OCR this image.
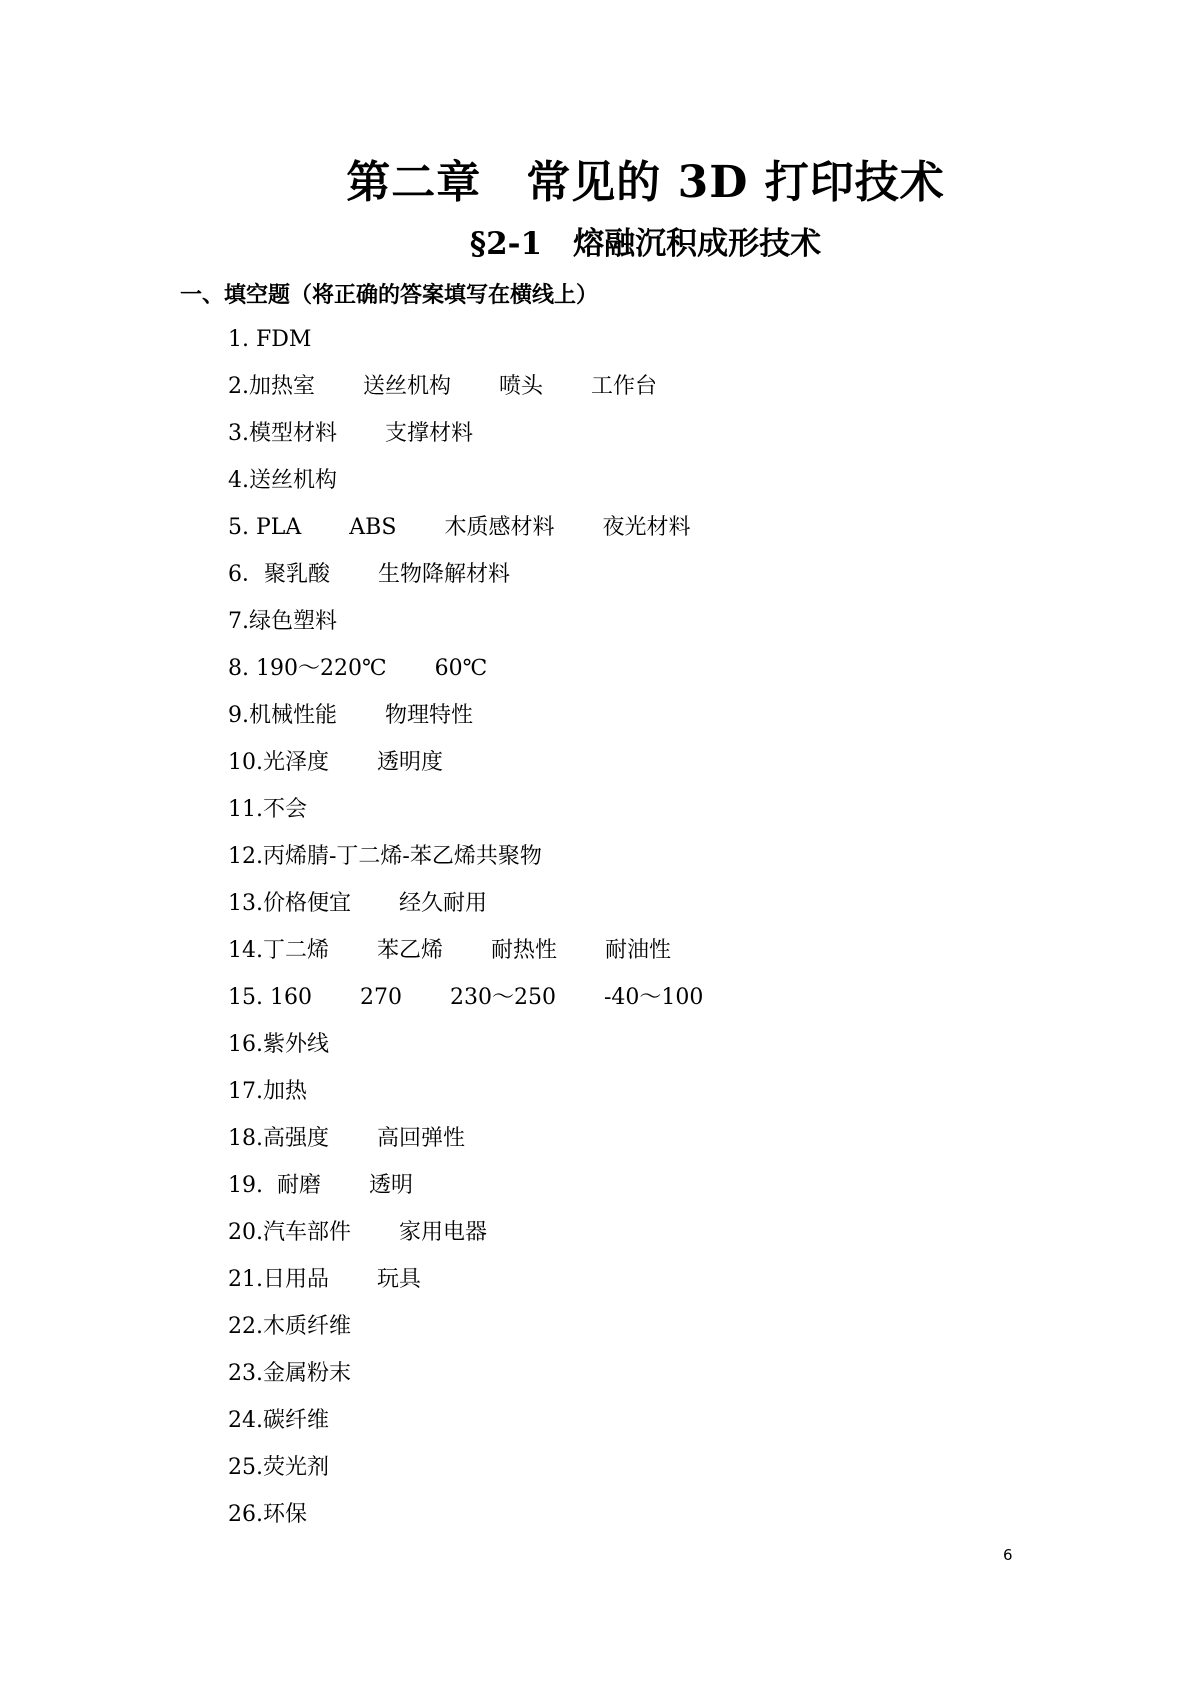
第二章　常见的 3D 打印技术
§2-1　熔融沉积成形技术
一、填空题（将正确的答案填写在横线上）
1. FDM
2.加热室 送丝机构 喷头 工作台
3.模型材料 支撑材料
4.送丝机构
5. PLA ABS 木质感材料 夜光材料
6．聚乳酸 生物降解材料
7.绿色塑料
8. 190～220℃ 60℃
9.机械性能 物理特性
10.光泽度 透明度
11.不会
12.丙烯腈-丁二烯-苯乙烯共聚物
13.价格便宜 经久耐用
14.丁二烯 苯乙烯 耐热性 耐油性
15. 160 270 230～250 -40～100
16.紫外线
17.加热
18.高强度 高回弹性
19.  耐磨 透明
20.汽车部件 家用电器
21.日用品 玩具
22.木质纤维
23.金属粉末
24.碳纤维
25.荧光剂
26.环保
6
